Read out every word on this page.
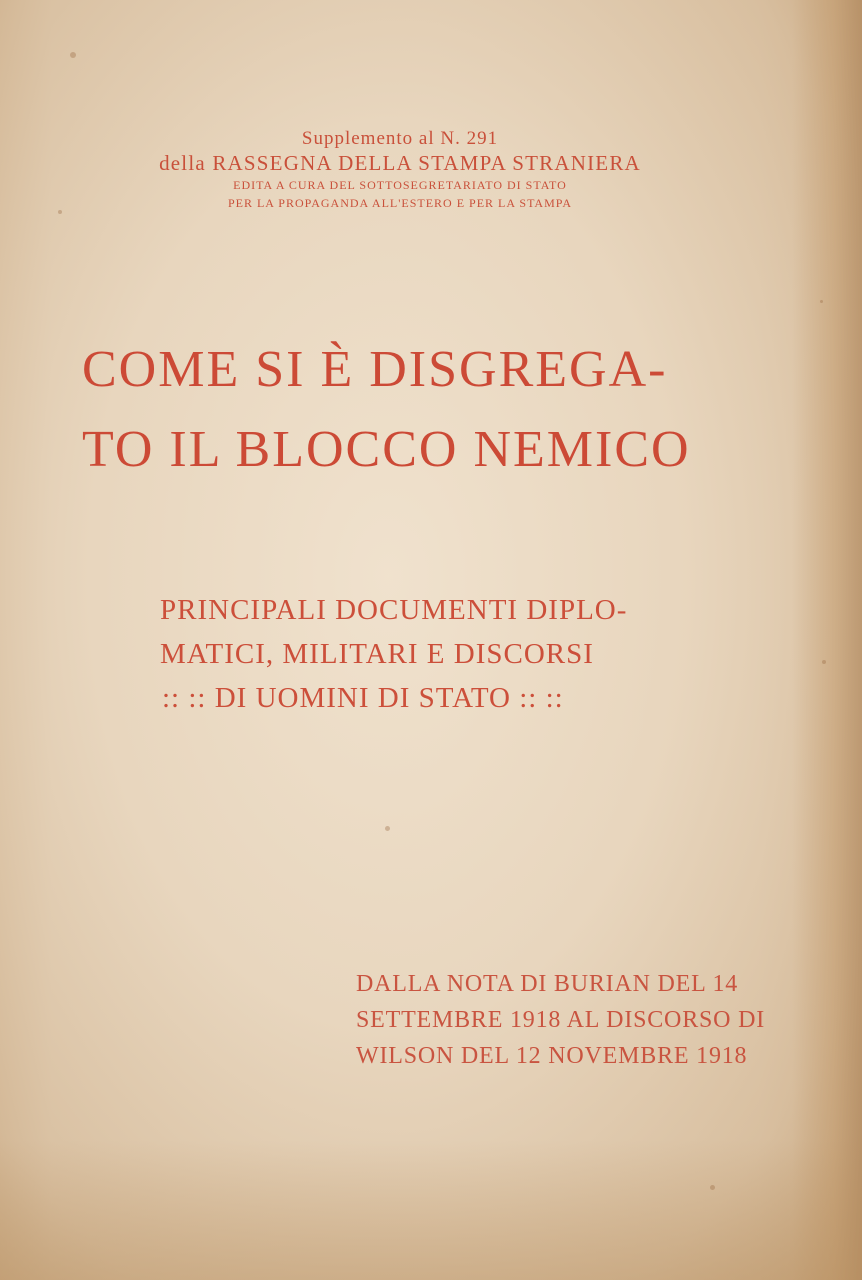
Supplemento al N. 291
della RASSEGNA DELLA STAMPA STRANIERA
EDITA A CURA DEL SOTTOSEGRETARIATO DI STATO
PER LA PROPAGANDA ALL'ESTERO E PER LA STAMPA
COME SI È DISGREGA-
TO IL BLOCCO NEMICO
PRINCIPALI DOCUMENTI DIPLO-
MATICI, MILITARI E DISCORSI
:: :: DI UOMINI DI STATO :: ::
DALLA NOTA DI BURIAN DEL 14
SETTEMBRE 1918 AL DISCORSO DI
WILSON DEL 12 NOVEMBRE 1918
